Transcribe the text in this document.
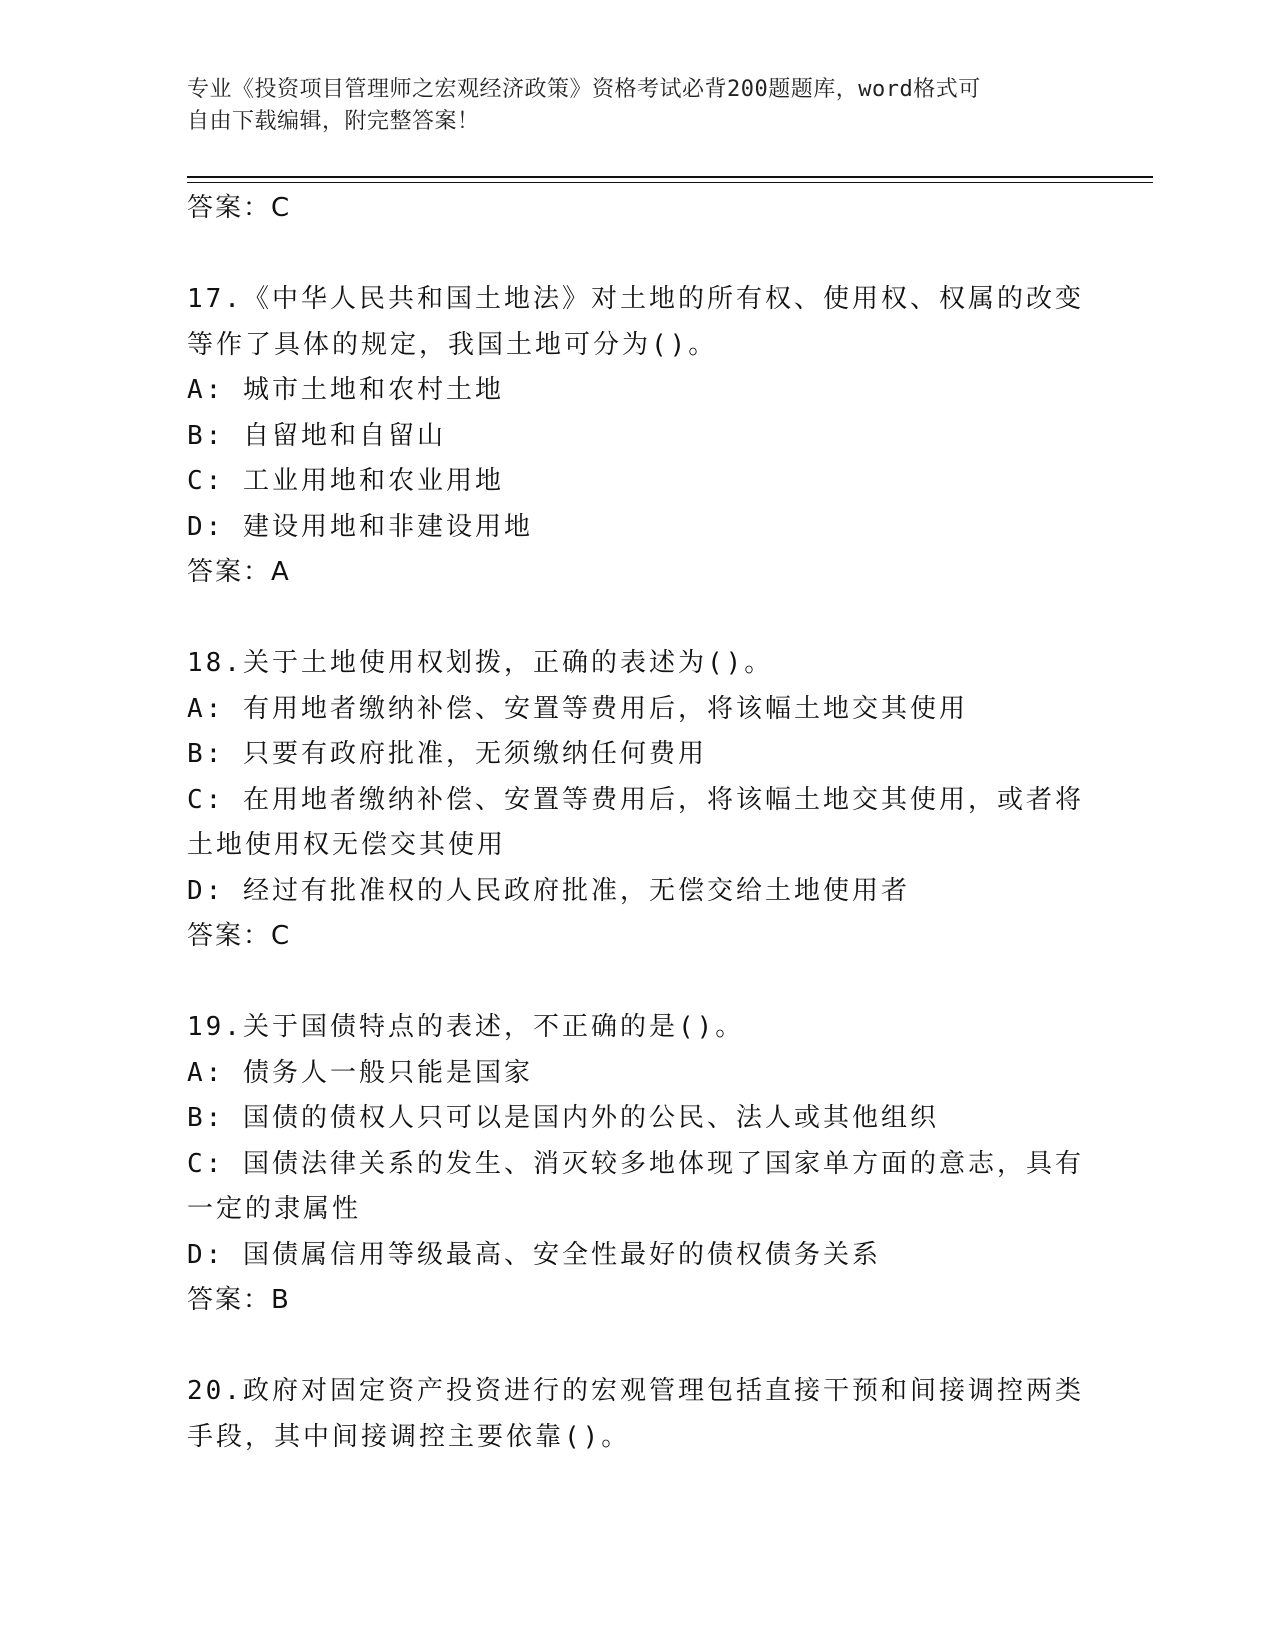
专业《投资项目管理师之宏观经济政策》资格考试必背200题题库，word格式可
自由下载编辑，附完整答案！
答案：C
17.《中华人民共和国土地法》对土地的所有权、使用权、权属的改变
等作了具体的规定，我国土地可分为()。
A: 城市土地和农村土地
B: 自留地和自留山
C: 工业用地和农业用地
D: 建设用地和非建设用地
答案：A
18.关于土地使用权划拨，正确的表述为()。
A: 有用地者缴纳补偿、安置等费用后，将该幅土地交其使用
B: 只要有政府批准，无须缴纳任何费用
C: 在用地者缴纳补偿、安置等费用后，将该幅土地交其使用，或者将
土地使用权无偿交其使用
D: 经过有批准权的人民政府批准，无偿交给土地使用者
答案：C
19.关于国债特点的表述，不正确的是()。
A: 债务人一般只能是国家
B: 国债的债权人只可以是国内外的公民、法人或其他组织
C: 国债法律关系的发生、消灭较多地体现了国家单方面的意志，具有
一定的隶属性
D: 国债属信用等级最高、安全性最好的债权债务关系
答案：B
20.政府对固定资产投资进行的宏观管理包括直接干预和间接调控两类
手段，其中间接调控主要依靠()。
